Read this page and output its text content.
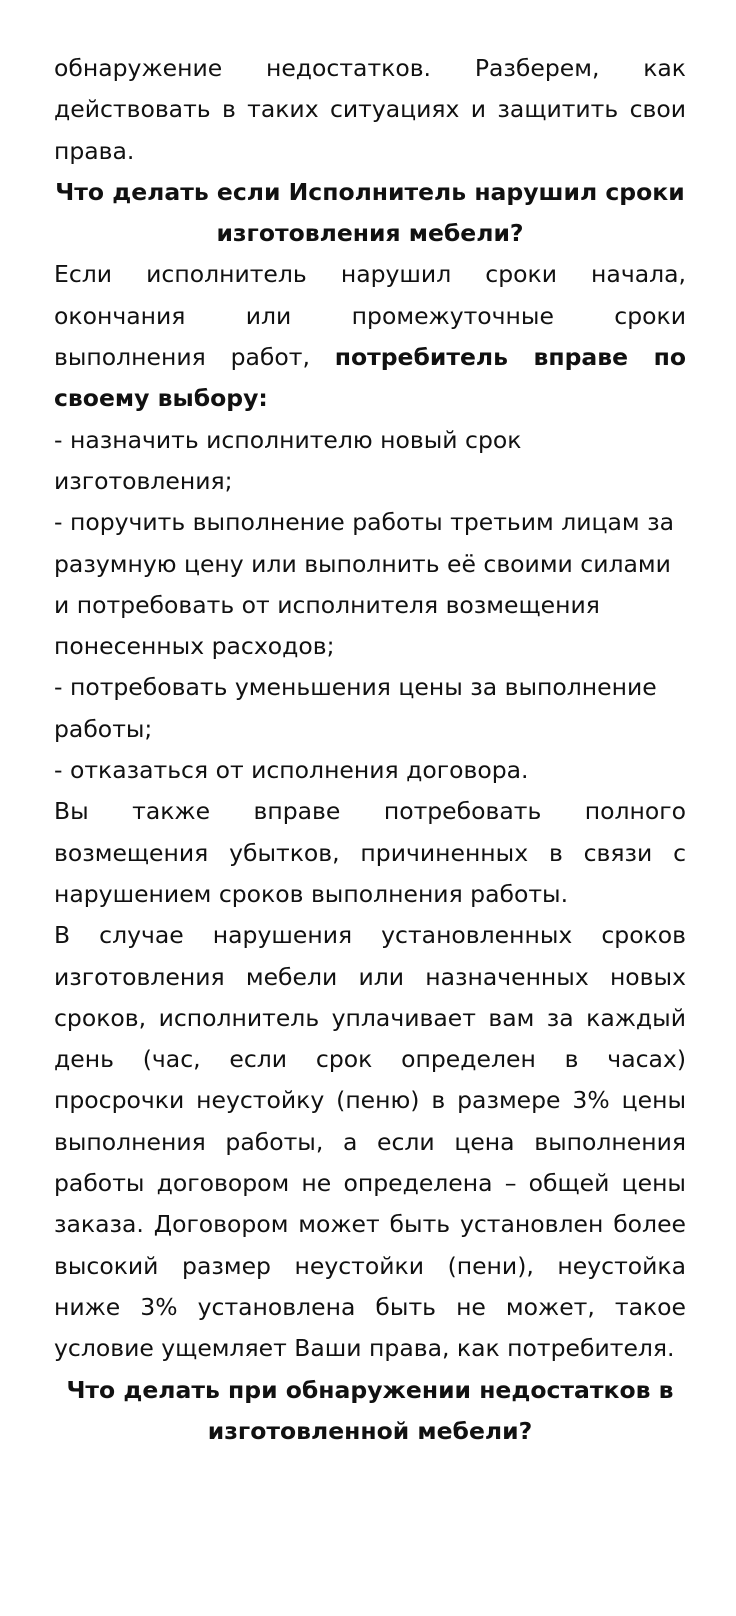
обнаружение недостатков. Разберем, как действовать в таких ситуациях и защитить свои права.

Что делать если Исполнитель нарушил сроки изготовления мебели?

Если исполнитель нарушил сроки начала, окончания или промежуточные сроки выполнения работ, потребитель вправе по своему выбору:

- назначить исполнителю новый срок изготовления;

- поручить выполнение работы третьим лицам за разумную цену или выполнить её своими силами и потребовать от исполнителя возмещения понесенных расходов;

- потребовать уменьшения цены за выполнение работы;

- отказаться от исполнения договора.

Вы также вправе потребовать полного возмещения убытков, причиненных в связи с нарушением сроков выполнения работы.

В случае нарушения установленных сроков изготовления мебели или назначенных новых сроков, исполнитель уплачивает вам за каждый день (час, если срок определен в часах) просрочки неустойку (пеню) в размере 3% цены выполнения работы, а если цена выполнения работы договором не определена – общей цены заказа. Договором может быть установлен более высокий размер неустойки (пени), неустойка ниже 3% установлена быть не может, такое условие ущемляет Ваши права, как потребителя.

Что делать при обнаружении недостатков в изготовленной мебели?
